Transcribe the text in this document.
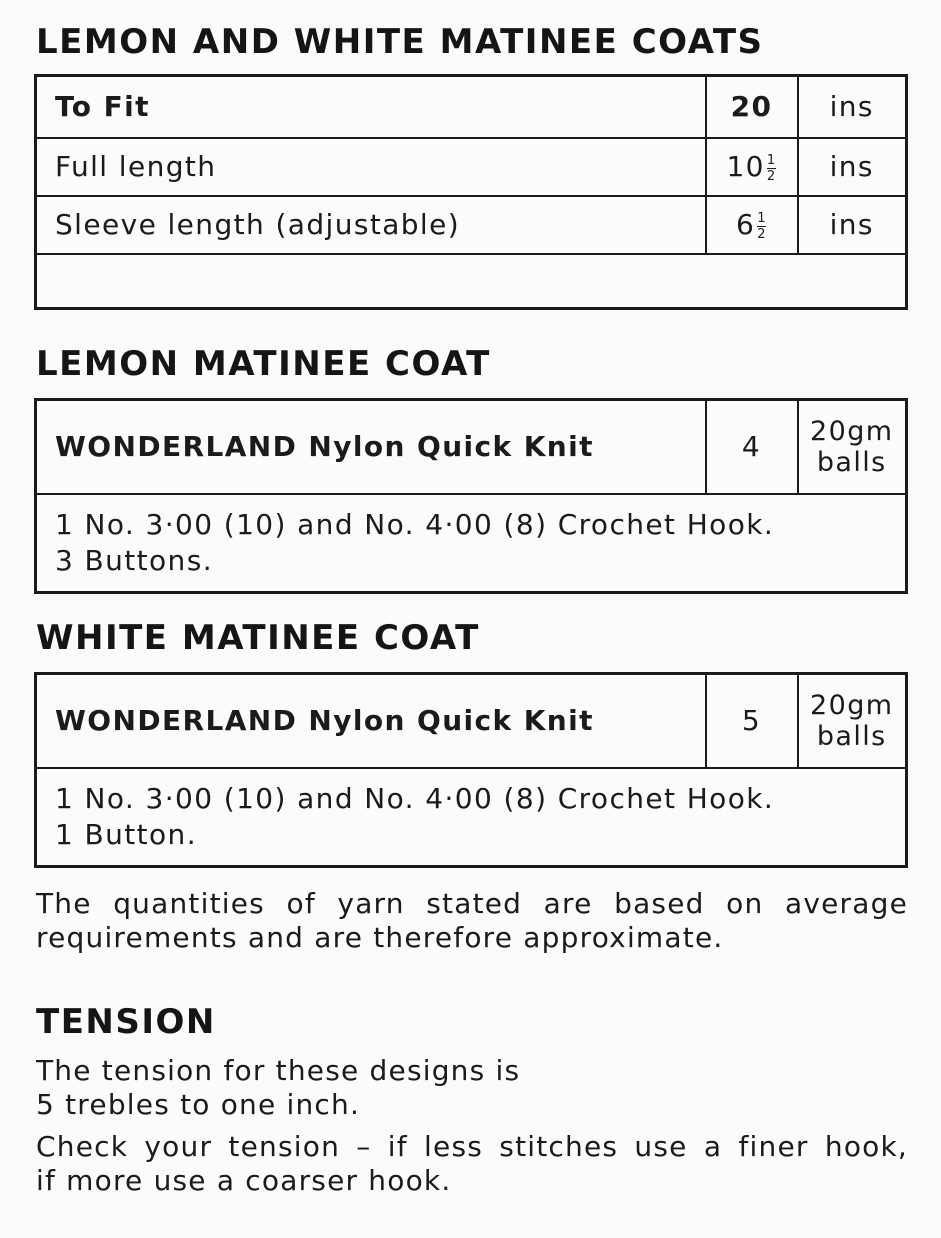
LEMON AND WHITE MATINEE COATS
To Fit	20	ins
Full length	$10 \frac{1}{2}$	ins
Sleeve length (adjustable)	$6 \frac{1}{2}$	ins

LEMON MATINEE COAT
WONDERLAND Nylon Quick Knit	4	20gm
balls

1 No. 3·00 (10) and No. 4·00 (8) Crochet Hook.
3 Buttons.
WHITE MATINEE COAT
WONDERLAND Nylon Quick Knit	5	20gm
balls

1 No. 3·00 (10) and No. 4·00 (8) Crochet Hook.
1 Button.

The quantities of yarn stated are based on average
requirements and are therefore approximate.

TENSION

The tension for these designs is
5 trebles to one inch.

Check your tension – if less stitches use a finer hook,
if more use a coarser hook.
